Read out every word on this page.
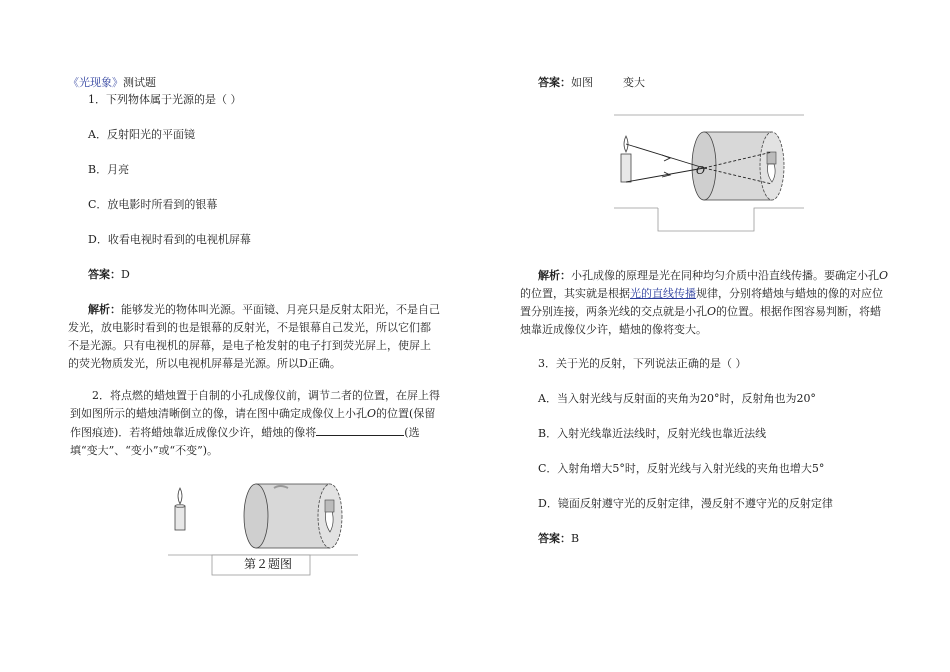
《光现象》测试题
1．下列物体属于光源的是（ ）
A．反射阳光的平面镜
B．月亮
C．放电影时所看到的银幕
D．收看电视时看到的电视机屏幕
答案：D
解析：能够发光的物体叫光源。平面镜、月亮只是反射太阳光，不是自己发光，放电影时看到的也是银幕的反射光，不是银幕自己发光，所以它们都不是光源。只有电视机的屏幕，是电子枪发射的电子打到荧光屏上，使屏上的荧光物质发光，所以电视机屏幕是光源。所以D正确。
2．将点燃的蜡烛置于自制的小孔成像仪前，调节二者的位置，在屏上得到如图所示的蜡烛清晰倒立的像，请在图中确定成像仪上小孔O的位置(保留作图痕迹)．若将蜡烛靠近成像仪少许，蜡烛的像将	(选填“变大”、“变小”或“不变”)。
第２题图
答案：如图	变大
O
解析：小孔成像的原理是光在同种均匀介质中沿直线传播。要确定小孔O的位置，其实就是根据光的直线传播规律，分别将蜡烛与蜡烛的像的对应位置分别连接，两条光线的交点就是小孔O的位置。根据作图容易判断，将蜡烛靠近成像仪少许，蜡烛的像将变大。
3．关于光的反射，下列说法正确的是（ ）
A．当入射光线与反射面的夹角为20°时，反射角也为20°
B．入射光线靠近法线时，反射光线也靠近法线
C．入射角增大5°时，反射光线与入射光线的夹角也增大5°
D．镜面反射遵守光的反射定律，漫反射不遵守光的反射定律
答案：B
